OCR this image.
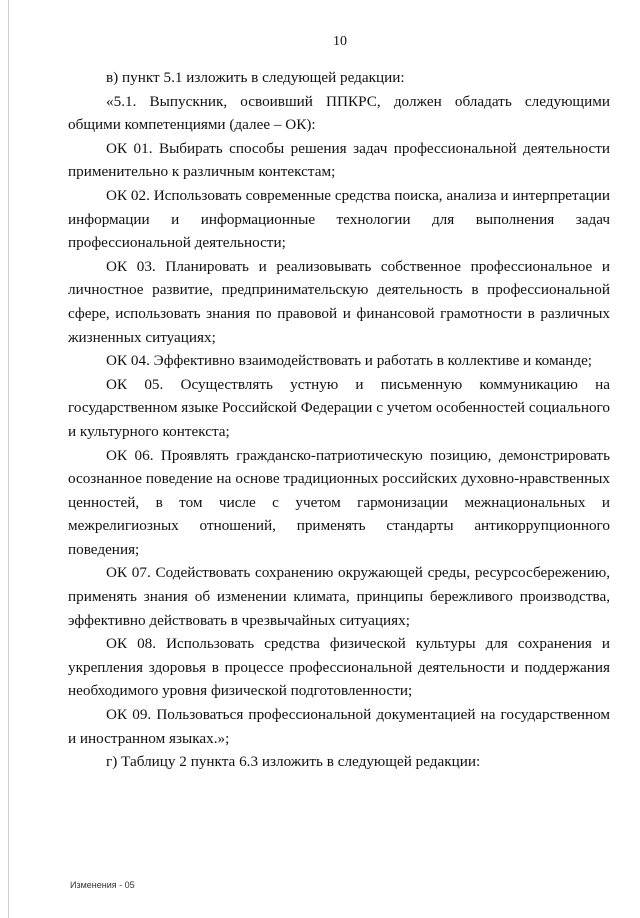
10

в) пункт 5.1 изложить в следующей редакции:

«5.1. Выпускник, освоивший ППКРС, должен обладать следующими общими компетенциями (далее – ОК):

ОК 01. Выбирать способы решения задач профессиональной деятельности применительно к различным контекстам;

ОК 02. Использовать современные средства поиска, анализа и интерпретации информации и информационные технологии для выполнения задач профессиональной деятельности;

ОК 03. Планировать и реализовывать собственное профессиональное и личностное развитие, предпринимательскую деятельность в профессиональной сфере, использовать знания по правовой и финансовой грамотности в различных жизненных ситуациях;

ОК 04. Эффективно взаимодействовать и работать в коллективе и команде;

ОК 05. Осуществлять устную и письменную коммуникацию на государственном языке Российской Федерации с учетом особенностей социального и культурного контекста;

ОК 06. Проявлять гражданско-патриотическую позицию, демонстрировать осознанное поведение на основе традиционных российских духовно-нравственных ценностей, в том числе с учетом гармонизации межнациональных и межрелигиозных отношений, применять стандарты антикоррупционного поведения;

ОК 07. Содействовать сохранению окружающей среды, ресурсосбережению, применять знания об изменении климата, принципы бережливого производства, эффективно действовать в чрезвычайных ситуациях;

ОК 08. Использовать средства физической культуры для сохранения и укрепления здоровья в процессе профессиональной деятельности и поддержания необходимого уровня физической подготовленности;

ОК 09. Пользоваться профессиональной документацией на государственном и иностранном языках.»;

г) Таблицу 2 пункта 6.3 изложить в следующей редакции:

Изменения - 05
